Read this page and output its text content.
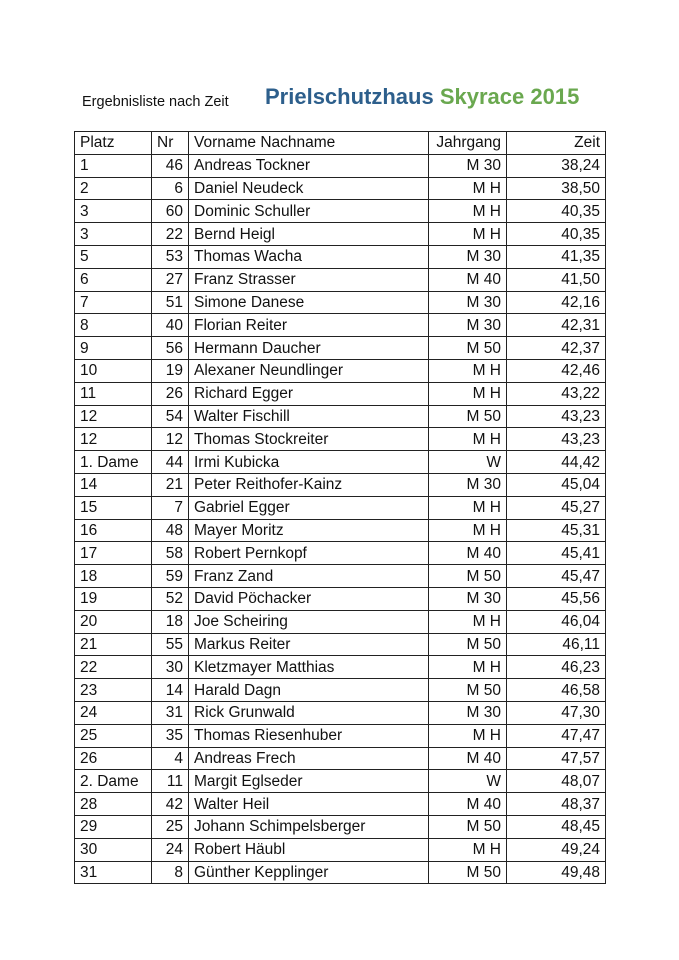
Ergebnisliste nach Zeit Prielschutzhaus Skyrace 2015
Platz	Nr	Vorname Nachname	Jahrgang	Zeit
1	46	Andreas Tockner	M 30	38,24
2	6	Daniel Neudeck	M H	38,50
3	60	Dominic Schuller	M H	40,35
3	22	Bernd Heigl	M H	40,35
5	53	Thomas Wacha	M 30	41,35
6	27	Franz Strasser	M 40	41,50
7	51	Simone Danese	M 30	42,16
8	40	Florian Reiter	M 30	42,31
9	56	Hermann Daucher	M 50	42,37
10	19	Alexaner Neundlinger	M H	42,46
11	26	Richard Egger	M H	43,22
12	54	Walter Fischill	M 50	43,23
12	12	Thomas Stockreiter	M H	43,23
1. Dame	44	Irmi Kubicka	W	44,42
14	21	Peter Reithofer-Kainz	M 30	45,04
15	7	Gabriel Egger	M H	45,27
16	48	Mayer Moritz	M H	45,31
17	58	Robert Pernkopf	M 40	45,41
18	59	Franz Zand	M 50	45,47
19	52	David Pöchacker	M 30	45,56
20	18	Joe Scheiring	M H	46,04
21	55	Markus Reiter	M 50	46,11
22	30	Kletzmayer Matthias	M H	46,23
23	14	Harald Dagn	M 50	46,58
24	31	Rick Grunwald	M 30	47,30
25	35	Thomas Riesenhuber	M H	47,47
26	4	Andreas Frech	M 40	47,57
2. Dame	11	Margit Eglseder	W	48,07
28	42	Walter Heil	M 40	48,37
29	25	Johann Schimpelsberger	M 50	48,45
30	24	Robert Häubl	M H	49,24
31	8	Günther Kepplinger	M 50	49,48
